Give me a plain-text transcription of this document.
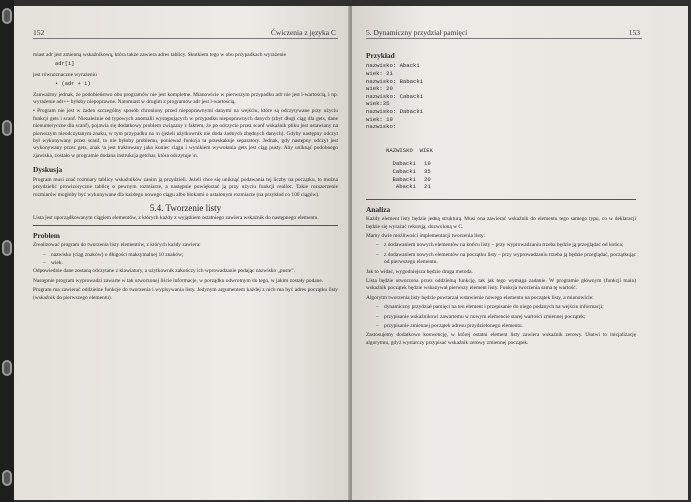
152	Ćwiczenia z języka C

miast adr jest zmienną wskaźnikową, która także zawiera adres tablicy. Skutkiem tego w obu przypadkach wyrażenie

adr[i]

jest równoznaczne wyrażeniu

• (adr + i)

Zauważmy jednak, że podobieństwo obu programów nie jest kompletne. Mianowicie w pierwszym przypadku adr nie jest l-wartością, i np. wyrażenie adr++ byłoby niepoprawne. Natomiast w drugim z programów adr jest l-wartością.

• Program nie jest w żaden szczególny sposób chroniony przed niepoprawnymi danymi na wejściu, które są odczytywane przy użyciu funkcji gets i scanf. Niezależnie od typowych anomalii występujących w przypadku niepoprawnych danych (zbyt długi ciąg dla gets, dane nienumeryczne dla scanf), pojawia się dodatkowy problem związany z faktem, że po odczycie przez scanf wskaźnik pliku jest ustawiany na pierwszym nieodczytanym znaku, w tym przypadku na \n (jeżeli użytkownik nie doda żadnych zbędnych danych). Gdyby następny odczyt był wykonywany przez scanf, to nie byłoby problemu, ponieważ funkcja ta przeskakuje separatory. Jednak, gdy następny odczyt jest wykonywany przez gets, znak \n jest traktowany jako koniec ciągu i wynikiem wywołania gets jest ciąg pusty. Aby uniknąć podobnego zjawiska, zostało w programie dodana instrukcja getchar, która odczytuje \n.

Dyskusja

Program musi znać rozmiary tablicy wskaźników zanim ją przydzieli. Jeżeli chce się uniknąć podawania tej liczby na początku, to można przydzielić prowizoryczne tablicę o pewnym rozmiarze, a następnie powiększać ją przy użyciu funkcji realloc. Takie rozszerzenie rozmiarów mogłoby być wykonywane dla każdego nowego ciągu albo blokami o ustalonym rozmiarze (na przykład co 100 ciągów).

5.4. Tworzenie listy

Lista jest uporządkowanym ciągiem elementów, z których każdy z wyjątkiem ostatniego zawiera wskaźnik do następnego elementu.

Problem

Zrealizować program do tworzenia listy elementów, z których każdy zawiera:

– nazwisko (ciąg znaków) o długości maksymalnej 10 znaków;
– wiek.

Odpowiednie dane zostaną odczytane z klawiatury, a użytkownik zakończy ich wprowadzanie podając nazwisko „puste”.

Następnie program wyprowadzi zawarte w tak utworzonej liście informacje, w porządku odwrotnym do tego, w jakim zostały podane.

Program ma zawierać oddzielne funkcje do tworzenia i wypisywania listy. Jedynym argumentem każdej z nich ma być adres początku listy (wskaźnik do pierwszego elementu).

5. Dynamiczny przydział pamięci	153
Przykład
nazwisko: Abacki
wiek: 21
nazwisko: Babacki
wiek: 20
nazwisko: Cabacki
wiek:35
nazwisko: Dabacki
wiek: 19
nazwisko:
NAZWISKO  WIEK
Dabacki	19
Cabacki	35
Babacki	20
Abacki	21
Analiza

Każdy element listy będzie jedną strukturą. Musi ona zawierać wskaźnik do elementu tego samego typu, co w deklaracji będzie się wyrażać rekursją, dozwoloną w C.

Mamy dwie możliwości implementacji tworzenia listy:

– z dodawaniem nowych elementów na końcu listy – przy wyprowadzaniu trzeba będzie ją przeglądać od końca;
– z dodawaniem nowych elementów na początku listy – przy wyprowadzaniu trzeba ją będzie przeglądać, początkując od pierwszego elementu.

Jak to widać, wygodniejsza będzie druga metoda.

Lista będzie utworzona przez oddzielną funkcję, tak jak tego wymaga zadanie. W programie głównym (funkcji main) wskaźnik początek będzie wskazywał pierwszy element listy. Funkcja tworzenia sama tę wartość.

Algorytm tworzenia listy będzie powtarzał wstawienie nowego elementu na początek listy, a mianowicie:

– dynamiczny przydział pamięci na ten element i przepisanie do niego podanych na wejściu informacji;
– przypisanie wskaźnikowi zawartemu w nowym elemencie starej wartości zmiennej początek;
– przypisanie zmiennej początek adresu przydzielonego elementu.

Zastosujemy dodatkowo konwencję, w której ostatni element listy zawiera wskaźnik zerowy. Ułatwi to inicjalizację algorytmu, gdyż wystarczy przypisać wskaźnik zerowy zmiennej początek.
